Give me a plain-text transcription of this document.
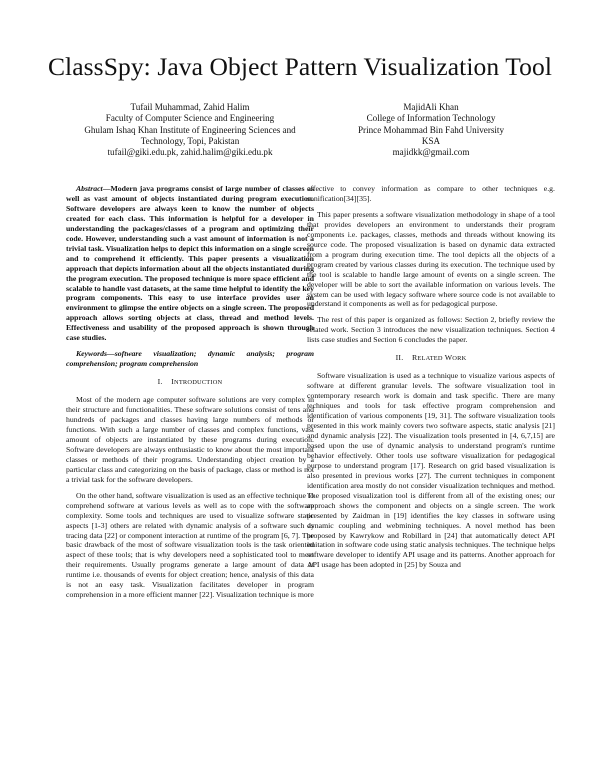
ClassSpy: Java Object Pattern Visualization Tool
Tufail Muhammad, Zahid Halim
Faculty of Computer Science and Engineering
Ghulam Ishaq Khan Institute of Engineering Sciences and
Technology, Topi, Pakistan
tufail@giki.edu.pk, zahid.halim@giki.edu.pk
MajidAli Khan
College of Information Technology
Prince Mohammad Bin Fahd University
KSA
majidkk@gmail.com

Abstract—Modern java programs consist of large number of classes as well as vast amount of objects instantiated during program execution. Software developers are always keen to know the number of objects created for each class. This information is helpful for a developer in understanding the packages/classes of a program and optimizing their code. However, understanding such a vast amount of information is not a trivial task. Visualization helps to depict this information on a single screen and to comprehend it efficiently. This paper presents a visualization approach that depicts information about all the objects instantiated during the program execution. The proposed technique is more space efficient and scalable to handle vast datasets, at the same time helpful to identify the key program components. This easy to use interface provides user an environment to glimpse the entire objects on a single screen. The proposed approach allows sorting objects at class, thread and method levels. Effectiveness and usability of the proposed approach is shown through case studies.

Keywords—software visualization; dynamic analysis; program comprehension; program comprehension

I. INTRODUCTION

Most of the modern age computer software solutions are very complex in their structure and functionalities. These software solutions consist of tens and hundreds of packages and classes having large numbers of methods or functions. With such a large number of classes and complex functions, vast amount of objects are instantiated by these programs during execution. Software developers are always enthusiastic to know about the most important classes or methods of their programs. Understanding object creation by a particular class and categorizing on the basis of package, class or method is not a trivial task for the software developers.

On the other hand, software visualization is used as an effective technique to comprehend software at various levels as well as to cope with the software complexity. Some tools and techniques are used to visualize software static aspects [1-3] others are related with dynamic analysis of a software such as tracing data [22] or component interaction at runtime of the program [6, 7]. The basic drawback of the most of software visualization tools is the task oriented aspect of these tools; that is why developers need a sophisticated tool to meet their requirements. Usually programs generate a large amount of data at runtime i.e. thousands of events for object creation; hence, analysis of this data is not an easy task. Visualization facilitates developer in program comprehension in a more efficient manner [22]. Visualization technique is more

effective to convey information as compare to other techniques e.g. sonification[34][35].

This paper presents a software visualization methodology in shape of a tool that provides developers an environment to understands their program components i.e. packages, classes, methods and threads without knowing its source code. The proposed visualization is based on dynamic data extracted from a program during execution time. The tool depicts all the objects of a program created by various classes during its execution. The technique used by the tool is scalable to handle large amount of events on a single screen. The developer will be able to sort the available information on various levels. The system can be used with legacy software where source code is not available to understand it components as well as for pedagogical purpose.

The rest of this paper is organized as follows: Section 2, briefly review the related work. Section 3 introduces the new visualization techniques. Section 4 lists case studies and Section 6 concludes the paper.

II. RELATED WORK

Software visualization is used as a technique to visualize various aspects of software at different granular levels. The software visualization tool in contemporary research work is domain and task specific. There are many techniques and tools for task effective program comprehension and identification of various components [19, 31]. The software visualization tools presented in this work mainly covers two software aspects, static analysis [21] and dynamic analysis [22]. The visualization tools presented in [4, 6,7,15] are based upon the use of dynamic analysis to understand program's runtime behavior effectively. Other tools use software visualization for pedagogical purpose to understand program [17]. Research on grid based visualization is also presented in previous works [27]. The current techniques in component identification area mostly do not consider visualization techniques and method. The proposed visualization tool is different from all of the existing ones; our approach shows the component and objects on a single screen. The work presented by Zaidman in [19] identifies the key classes in software using dynamic coupling and webmining techniques. A novel method has been proposed by Kawrykow and Robillard in [24] that automatically detect API imitation in software code using static analysis techniques. The technique helps software developer to identify API usage and its patterns. Another approach for API usage has been adopted in [25] by Souza and
